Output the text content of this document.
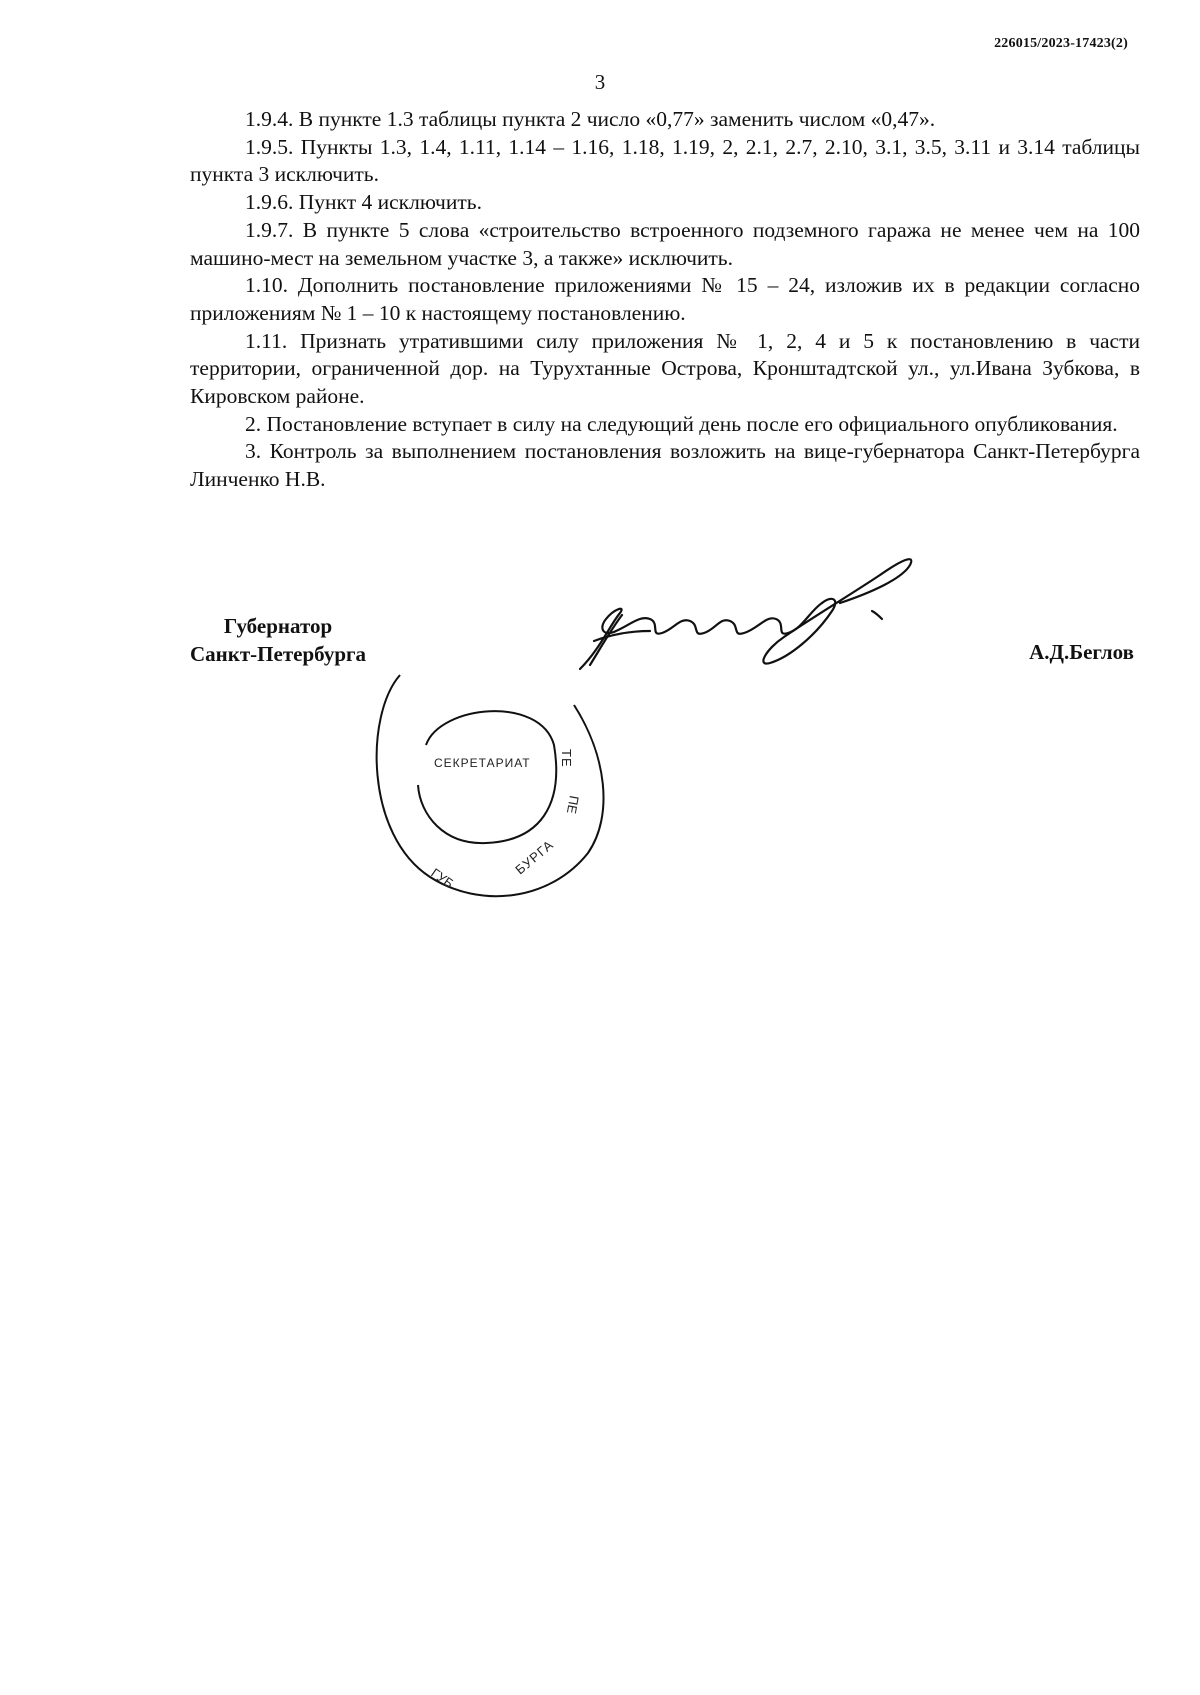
226015/2023-17423(2)
3

1.9.4. В пункте 1.3 таблицы пункта 2 число «0,77» заменить числом «0,47».

1.9.5. Пункты 1.3, 1.4, 1.11, 1.14 – 1.16, 1.18, 1.19, 2, 2.1, 2.7, 2.10, 3.1, 3.5, 3.11 и 3.14 таблицы пункта 3 исключить.

1.9.6. Пункт 4 исключить.

1.9.7. В пункте 5 слова «строительство встроенного подземного гаража не менее чем на 100 машино-мест на земельном участке 3, а также» исключить.

1.10. Дополнить постановление приложениями № 15 – 24, изложив их в редакции согласно приложениям № 1 – 10 к настоящему постановлению.

1.11. Признать утратившими силу приложения № 1, 2, 4 и 5 к постановлению в части территории, ограниченной дор. на Турухтанные Острова, Кронштадтской ул., ул.Ивана Зубкова, в Кировском районе.

2. Постановление вступает в силу на следующий день после его официального опубликования.

3. Контроль за выполнением постановления возложить на вице-губернатора Санкт-Петербурга Линченко Н.В.

Губернатор
Санкт-Петербурга	А.Д.Беглов
СЕКРЕТАРИАТ ТЕ
ПЕ
БУРГА
ГУБ
